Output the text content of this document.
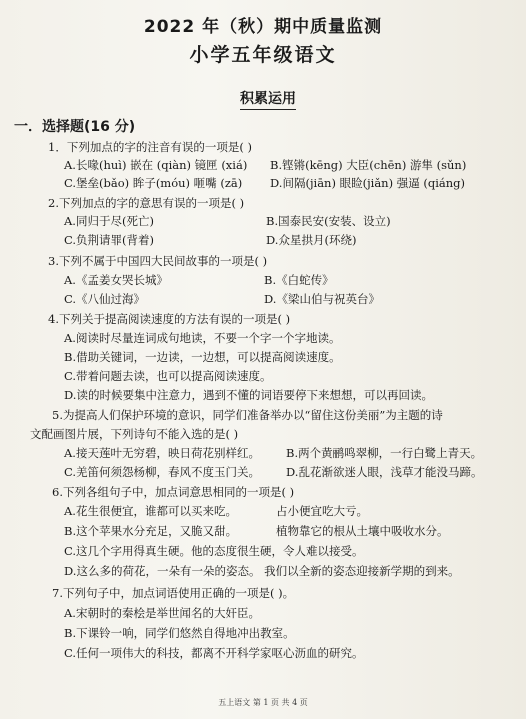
2022 年（秋）期中质量监测
小学五年级语文
积累运用
一．选择题(16 分)
1．下列加点的字的注音有误的一项是( )
A.长喙(huì) 嵌在 (qiàn) 镜匣 (xiá) B.铿锵(kēng) 大臣(chēn) 游隼 (sǔn)
C.堡垒(bǎo) 眸子(móu) 咂嘴 (zā) D.间隔(jiān) 眼睑(jiǎn) 强逼 (qiáng)
2.下列加点的字的意思有误的一项是( )
A.同归于尽(死亡)	B.国泰民安(安装、设立)
C.负荆请罪(背着)	D.众星拱月(环绕)
3.下列不属于中国四大民间故事的一项是( )
A.《孟姜女哭长城》	B.《白蛇传》
C.《八仙过海》	D.《梁山伯与祝英台》
4.下列关于提高阅读速度的方法有误的一项是( )
A.阅读时尽量连词成句地读，不要一个字一个字地读。
B.借助关键词，一边读，一边想，可以提高阅读速度。
C.带着问题去读，也可以提高阅读速度。
D.读的时候要集中注意力，遇到不懂的词语要停下来想想，可以再回读。
5.为提高人们保护环境的意识，同学们准备举办以“留住这份美丽”为主题的诗
文配画图片展，下列诗句不能入选的是( )
A.接天莲叶无穷碧，映日荷花别样红。 B.两个黄鹂鸣翠柳，一行白鹭上青天。
C.羌笛何须怨杨柳，春风不度玉门关。 D.乱花渐欲迷人眼，浅草才能没马蹄。
6.下列各组句子中，加点词意思相同的一项是( )
A.花生很便宜，谁都可以买来吃。	占小便宜吃大亏。
B.这个苹果水分充足，又脆又甜。	植物靠它的根从土壤中吸收水分。
C.这几个字用得真生硬。他的态度很生硬，令人难以接受。
D.这么多的荷花，一朵有一朵的姿态。 我们以全新的姿态迎接新学期的到来。
7.下列句子中，加点词语使用正确的一项是( )。
A.宋朝时的秦桧是举世闻名的大奸臣。
B.下课铃一响，同学们悠然自得地冲出教室。
C.任何一项伟大的科技，都离不开科学家呕心沥血的研究。
五上语文 第 1 页 共 4 页
